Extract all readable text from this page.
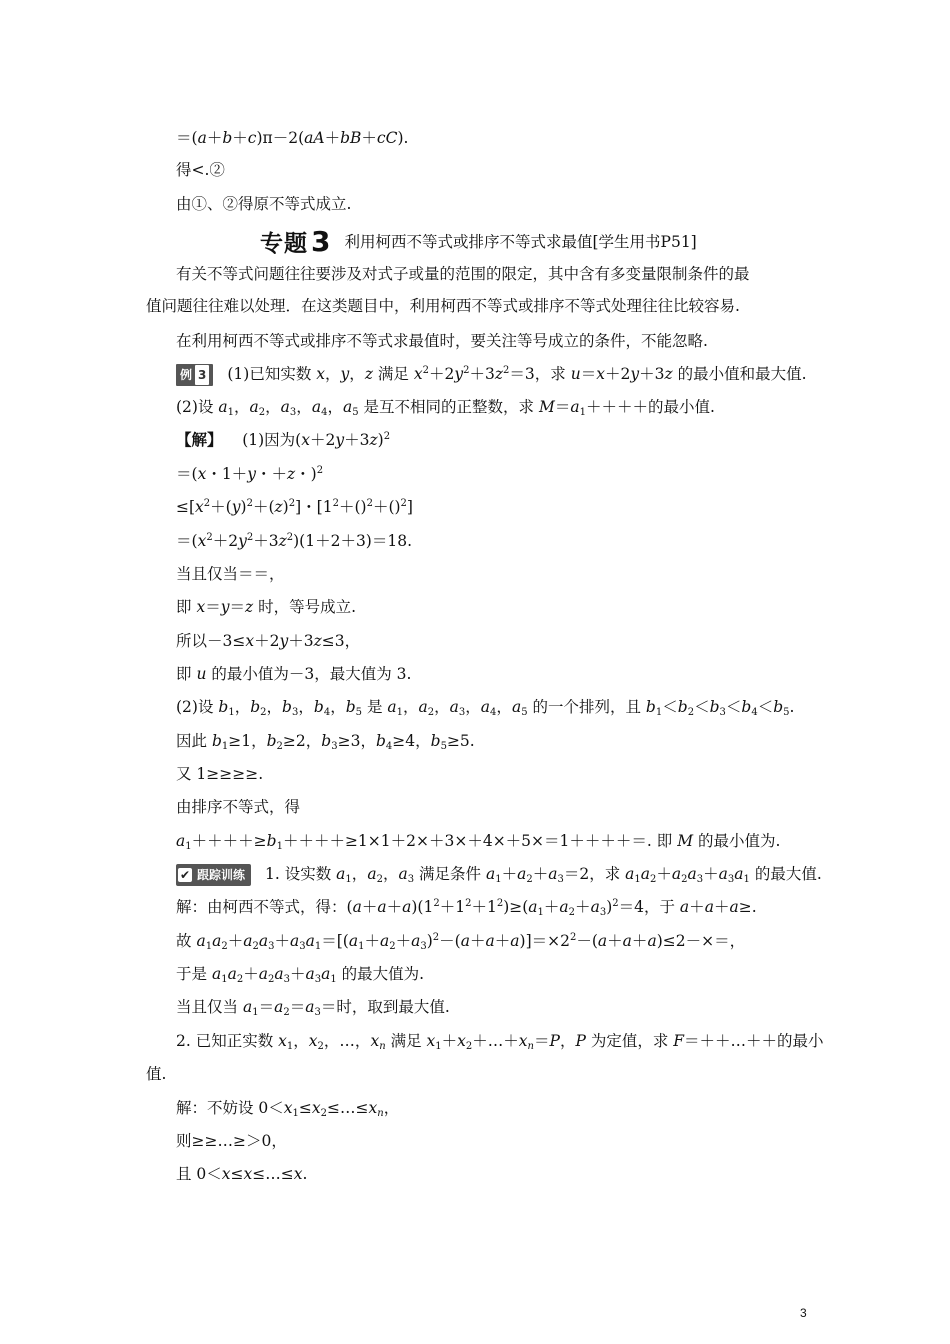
＝(a＋b＋c)π－2(aA＋bB＋cC).
得<.②
由①、②得原不等式成立.
专题 3 利用柯西不等式或排序不等式求最值[学生用书P51]
有关不等式问题往往要涉及对式子或量的范围的限定，其中含有多变量限制条件的最
值问题往往难以处理．在这类题目中，利用柯西不等式或排序不等式处理往往比较容易.
在利用柯西不等式或排序不等式求最值时，要关注等号成立的条件，不能忽略.
例 3 (1)已知实数 x，y，z 满足 $x^2+2y^2+3z^2=3$，求 u＝x＋2y＋3z 的最小值和最大值.
(2)设 $a_1$，$a_2$，$a_3$，$a_4$，$a_5$ 是互不相同的正整数，求 $M=a_1++++$的最小值.
【解】    (1)因为$(x+2y+3z)^2$
＝(x・1＋y・＋z・)$^2$
$\le[x^2+(y)^2+(z)^2]$・$[1^2+()^2+()^2]$
$=(x^2+2y^2+3z^2)(1+2+3)=18$.
当且仅当＝＝，
即 x＝y＝z 时，等号成立.
所以－3≤x＋2y＋3z≤3，
即 u 的最小值为－3，最大值为 3.
(2)设 $b_1$，$b_2$，$b_3$，$b_4$，$b_5$ 是 $a_1$，$a_2$，$a_3$，$a_4$，$a_5$ 的一个排列，且 $b_1<b_2<b_3<b_4<b_5$.
因此 $b_1\ge 1$，$b_2\ge 2$，$b_3\ge 3$，$b_4\ge 4$，$b_5\ge 5$.
又 1≥≥≥≥.
由排序不等式，得
$a_1++++\ge b_1++++\ge 1\times 1+2\times+3\times+4\times+5\times=1++++=$. 即 M 的最小值为.
✔ 跟踪训练 1. 设实数 $a_1$，$a_2$，$a_3$ 满足条件 $a_1+a_2+a_3=2$，求 $a_1a_2+a_2a_3+a_3a_1$ 的最大值.
解：由柯西不等式，得：$(a+a+a)(1^2+1^2+1^2)\ge(a_1+a_2+a_3)^2=4$，于 a＋a＋a≥.
故 $a_1a_2+a_2a_3+a_3a_1=[(a_1+a_2+a_3)^2-(a+a+a)]=\times 2^2-(a+a+a)\le 2-\times=$，
于是 $a_1a_2+a_2a_3+a_3a_1$ 的最大值为.
当且仅当 $a_1=a_2=a_3=$时，取到最大值.
2. 已知正实数 $x_1$，$x_2$，…，$x_n$ 满足 $x_1+x_2+\dots+x_n=P$，P 为定值，求 F＝＋＋…＋＋的最小
值.
解：不妨设 $0<x_1\le x_2\le\dots\le x_n$，
则≥≥…≥＞0，
且 0＜x≤x≤…≤x.
3
